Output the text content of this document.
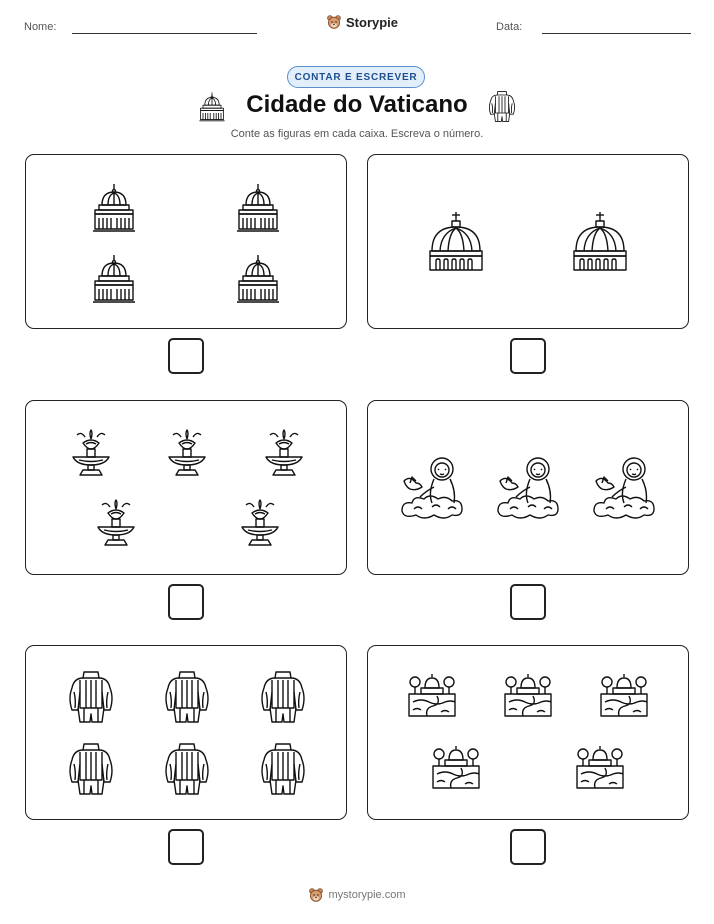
Nome:	Storypie	Data:
CONTAR E ESCREVER
Cidade do Vaticano
Conte as figuras em cada caixa. Escreva o número.
mystorypie.com
